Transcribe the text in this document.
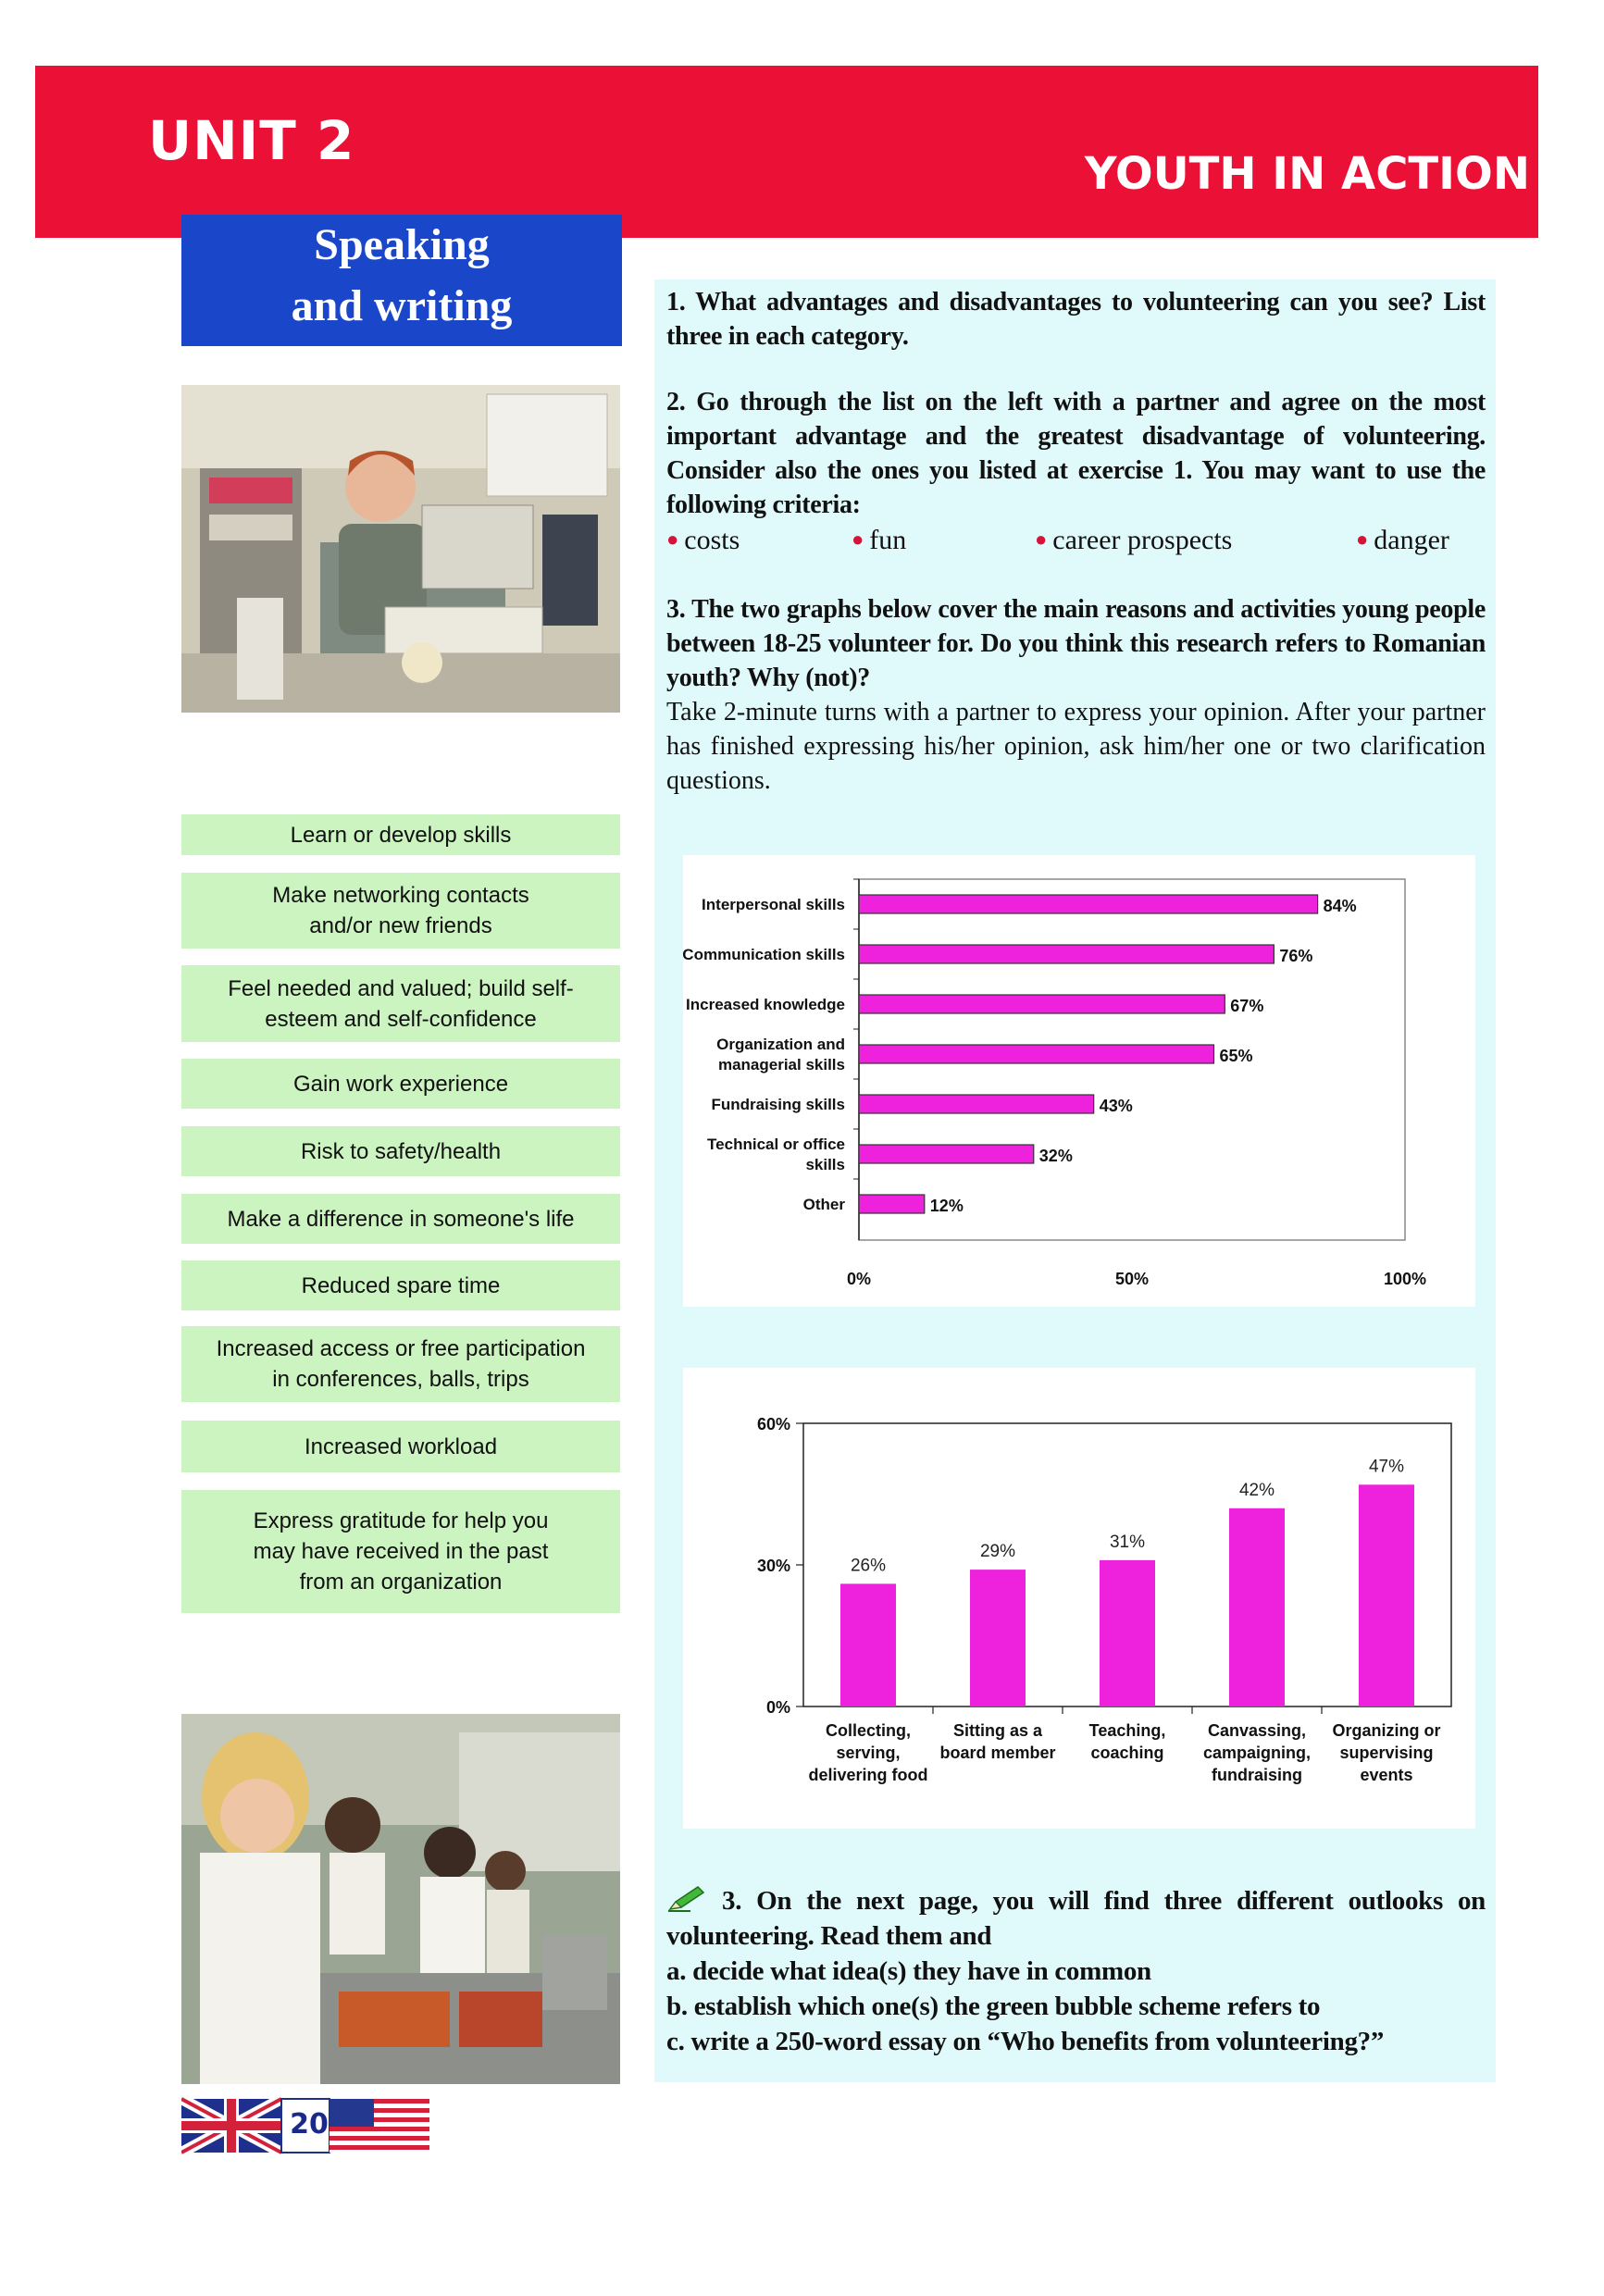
UNIT 2
YOUTH IN ACTION
Speaking
and writing
Learn or develop skills
Make networking contacts
and/or new friends
Feel needed and valued; build self-
esteem and self-confidence
Gain work experience
Risk to safety/health
Make a difference in someone's life
Reduced spare time
Increased access or free participation
in conferences, balls, trips
Increased workload
Express gratitude for help you
may have received in the past
from an organization
1. What advantages and disadvantages to volunteering can you see? List three in each category.
2. Go through the list on the left with a partner and agree on the most important advantage and the greatest disadvantage of volunteering. Consider also the ones you listed at exercise 1. You may want to use the following criteria:
● costs	● fun	● career prospects	● danger
3. The two graphs below cover the main reasons and activities young people between 18-25 volunteer for. Do you think this research refers to Romanian youth? Why (not)?
Take 2-minute turns with a partner to express your opinion. After your partner has finished expressing his/her opinion, ask him/her one or two clarification questions.
Interpersonal skills	84%
Communication skills	76%
Increased knowledge	67%
Organization and managerial skills	65%
Fundraising skills	43%
Technical or office skills	32%
Other	12%
0%	50%	100%
0%
30%
60%
26%
Collecting, serving, delivering food
29%
Sitting as a board member
31%
Teaching, coaching
42%
Canvassing, campaigning, fundraising
47%
Organizing or supervising events
3. On the next page, you will find three different outlooks on volunteering. Read them and
a. decide what idea(s) they have in common
b. establish which one(s) the green bubble scheme refers to
c. write a 250-word essay on “Who benefits from volunteering?”
20
